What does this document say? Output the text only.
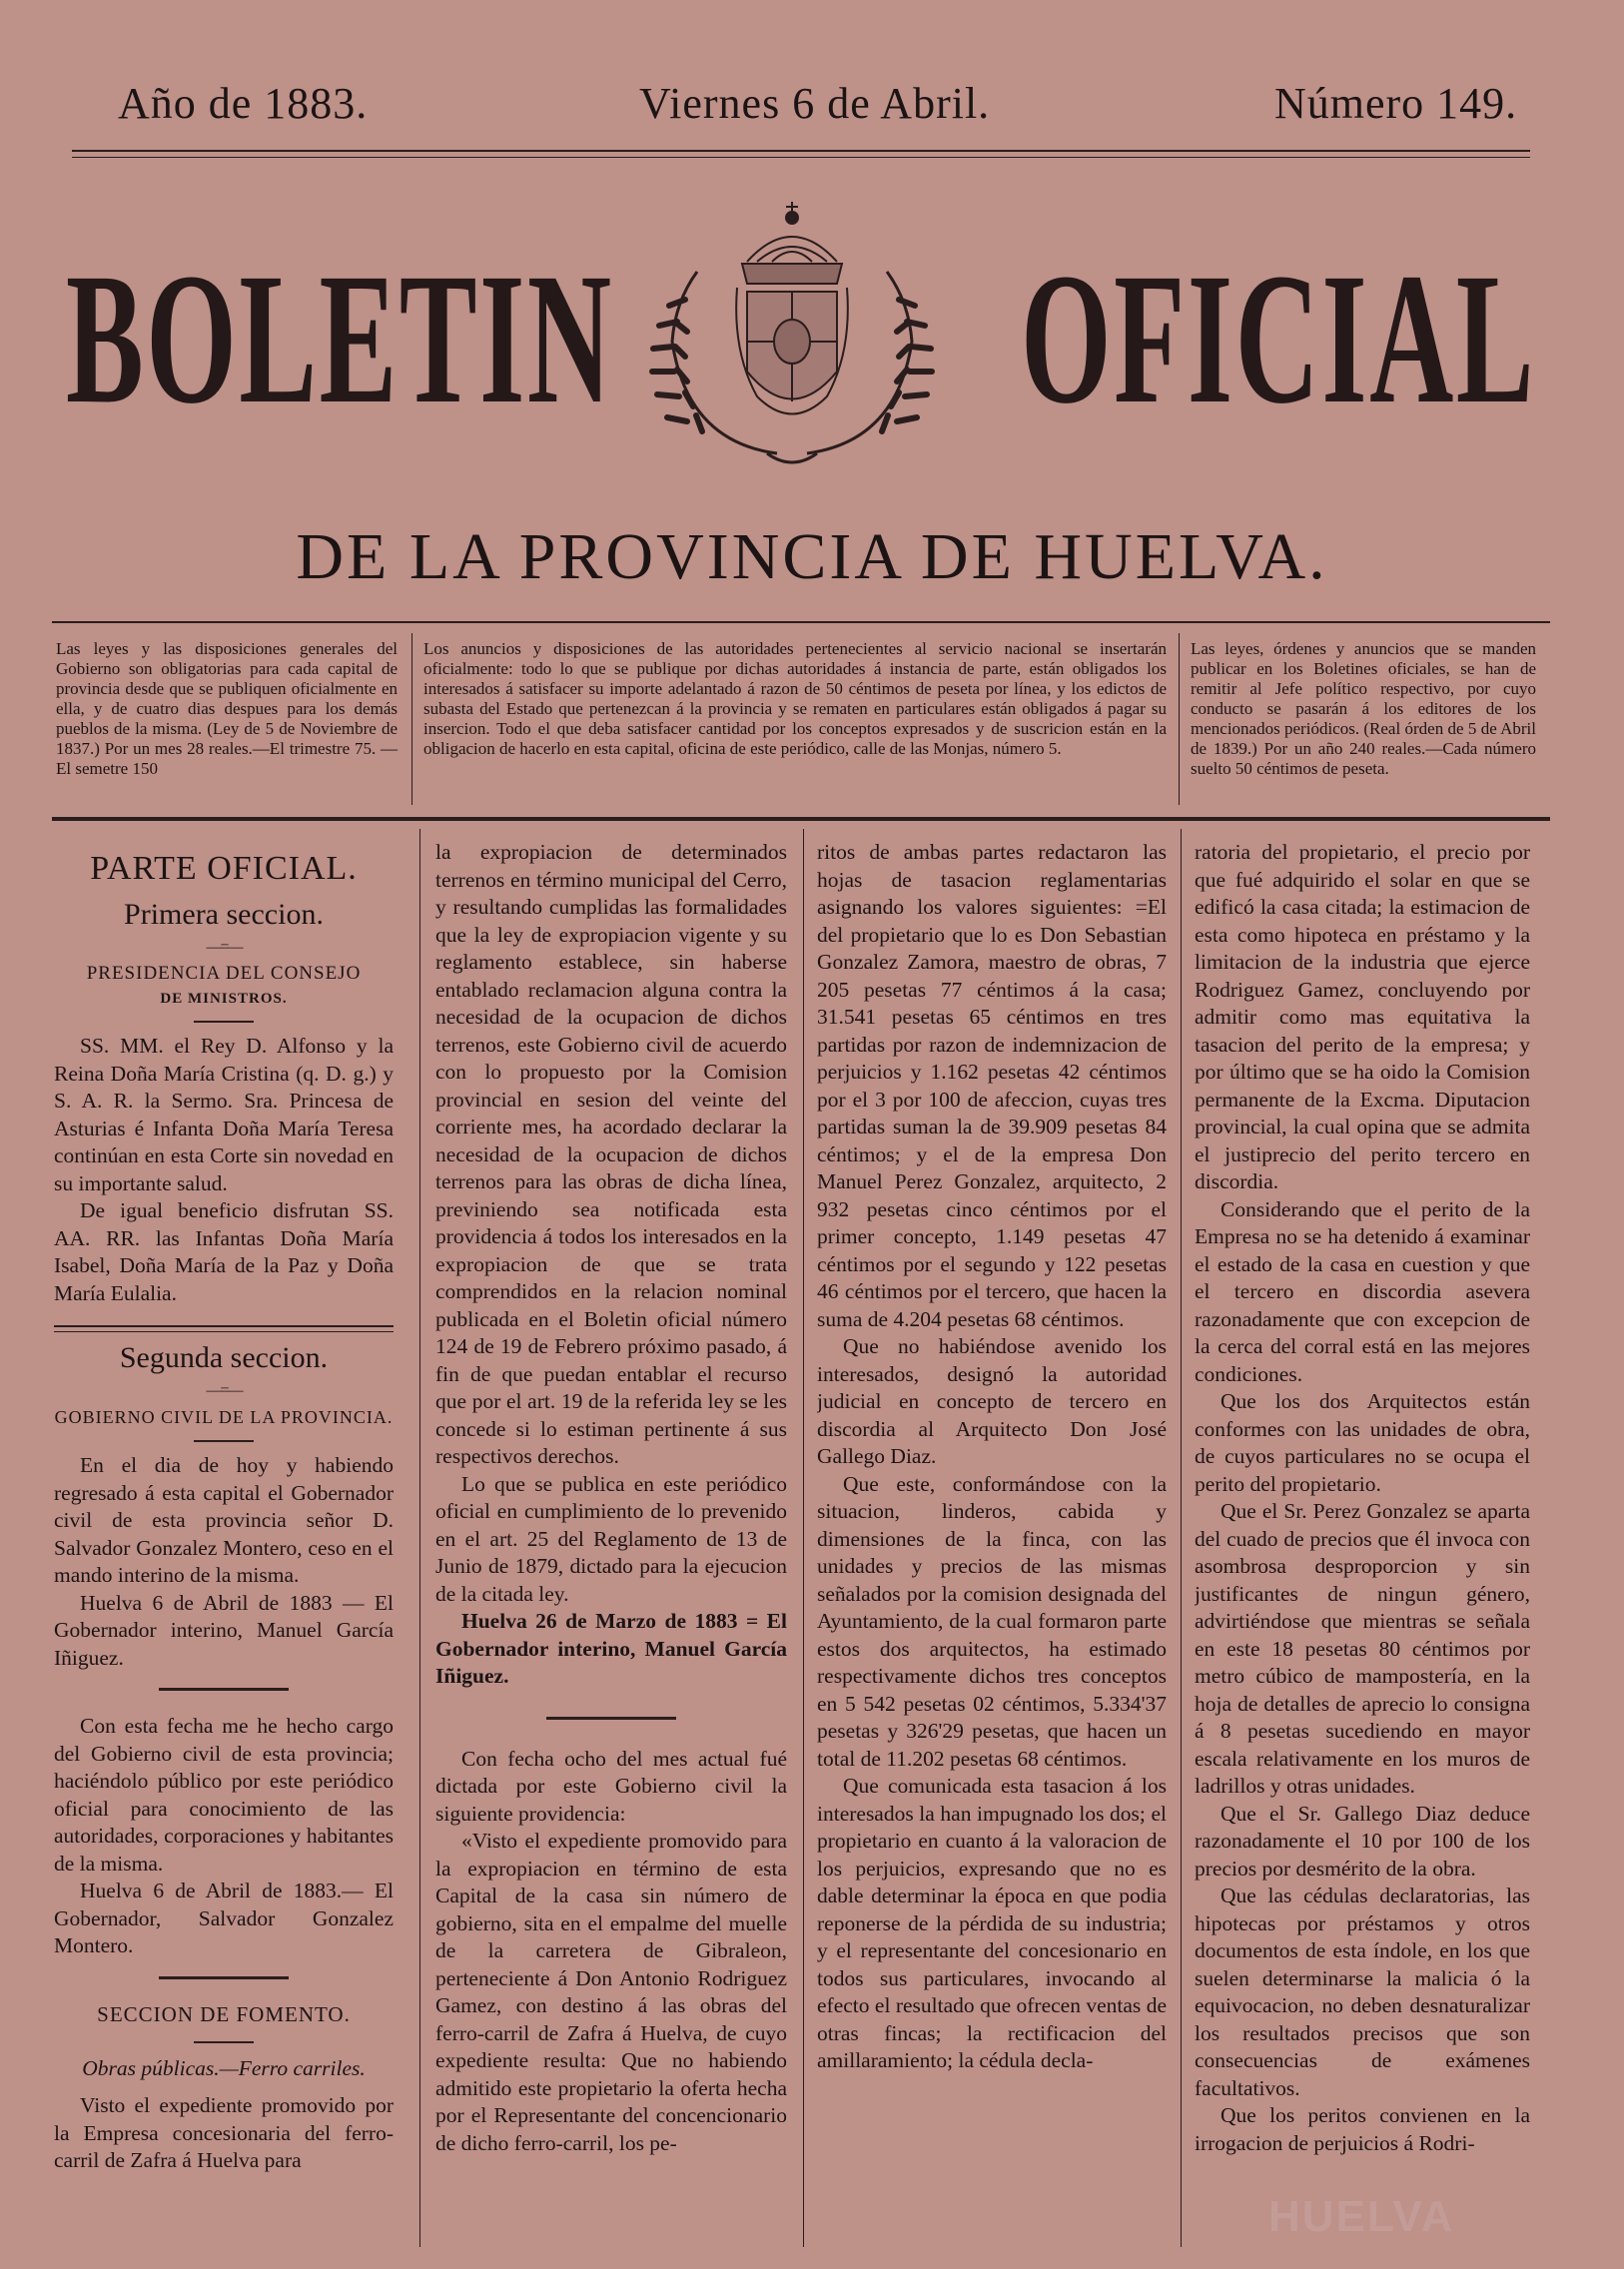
Año de 1883.	Viernes 6 de Abril.	Número 149.
BOLETIN OFICIAL
DE LA PROVINCIA DE HUELVA.
Las leyes y las disposiciones generales del Gobierno son obligatorias para cada capital de provincia desde que se publiquen oficialmente en ella, y de cuatro dias despues para los demás pueblos de la misma. (Ley de 5 de Noviembre de 1837.) Por un mes 28 reales.—El trimestre 75. —El semetre 150
Los anuncios y disposiciones de las autoridades pertenecientes al servicio nacional se insertarán oficialmente: todo lo que se publique por dichas autoridades á instancia de parte, están obligados los interesados á satisfacer su importe adelantado á razon de 50 céntimos de peseta por línea, y los edictos de subasta del Estado que pertenezcan á la provincia y se rematen en particulares están obligados á pagar su insercion. Todo el que deba satisfacer cantidad por los conceptos expresados y de suscricion están en la obligacion de hacerlo en esta capital, oficina de este periódico, calle de las Monjas, número 5.
Las leyes, órdenes y anuncios que se manden publicar en los Boletines oficiales, se han de remitir al Jefe político respectivo, por cuyo conducto se pasarán á los editores de los mencionados periódicos. (Real órden de 5 de Abril de 1839.) Por un año 240 reales.—Cada número suelto 50 céntimos de peseta.
PARTE OFICIAL.
Primera seccion.
—=—
PRESIDENCIA DEL CONSEJO
DE MINISTROS.

SS. MM. el Rey D. Alfonso y la Reina Doña María Cristina (q. D. g.) y S. A. R. la Sermo. Sra. Princesa de Asturias é Infanta Doña María Teresa continúan en esta Corte sin novedad en su importante salud.

De igual beneficio disfrutan SS. AA. RR. las Infantas Doña María Isabel, Doña María de la Paz y Doña María Eulalia.

Segunda seccion.
—=—
GOBIERNO CIVIL DE LA PROVINCIA.

En el dia de hoy y habiendo regresado á esta capital el Gobernador civil de esta provincia señor D. Salvador Gonzalez Montero, ceso en el mando interino de la misma.

Huelva 6 de Abril de 1883 — El Gobernador interino, Manuel García Iñiguez.

Con esta fecha me he hecho cargo del Gobierno civil de esta provincia; haciéndolo público por este periódico oficial para conocimiento de las autoridades, corporaciones y habitantes de la misma.

Huelva 6 de Abril de 1883.— El Gobernador, Salvador Gonzalez Montero.

SECCION DE FOMENTO.

Obras públicas.—Ferro carriles.

Visto el expediente promovido por la Empresa concesionaria del ferro-carril de Zafra á Huelva para

la expropiacion de determinados terrenos en término municipal del Cerro, y resultando cumplidas las formalidades que la ley de expropiacion vigente y su reglamento establece, sin haberse entablado reclamacion alguna contra la necesidad de la ocupacion de dichos terrenos, este Gobierno civil de acuerdo con lo propuesto por la Comision provincial en sesion del veinte del corriente mes, ha acordado declarar la necesidad de la ocupacion de dichos terrenos para las obras de dicha línea, previniendo sea notificada esta providencia á todos los interesados en la expropiacion de que se trata comprendidos en la relacion nominal publicada en el Boletin oficial número 124 de 19 de Febrero próximo pasado, á fin de que puedan entablar el recurso que por el art. 19 de la referida ley se les concede si lo estiman pertinente á sus respectivos derechos.

Lo que se publica en este periódico oficial en cumplimiento de lo prevenido en el art. 25 del Reglamento de 13 de Junio de 1879, dictado para la ejecucion de la citada ley.

Huelva 26 de Marzo de 1883 = El Gobernador interino, Manuel García Iñiguez.

Con fecha ocho del mes actual fué dictada por este Gobierno civil la siguiente providencia:

«Visto el expediente promovido para la expropiacion en término de esta Capital de la casa sin número de gobierno, sita en el empalme del muelle de la carretera de Gibraleon, perteneciente á Don Antonio Rodriguez Gamez, con destino á las obras del ferro-carril de Zafra á Huelva, de cuyo expediente resulta: Que no habiendo admitido este propietario la oferta hecha por el Representante del concencionario de dicho ferro-carril, los pe-

ritos de ambas partes redactaron las hojas de tasacion reglamentarias asignando los valores siguientes: =El del propietario que lo es Don Sebastian Gonzalez Zamora, maestro de obras, 7 205 pesetas 77 céntimos á la casa; 31.541 pesetas 65 céntimos en tres partidas por razon de indemnizacion de perjuicios y 1.162 pesetas 42 céntimos por el 3 por 100 de afeccion, cuyas tres partidas suman la de 39.909 pesetas 84 céntimos; y el de la empresa Don Manuel Perez Gonzalez, arquitecto, 2 932 pesetas cinco céntimos por el primer concepto, 1.149 pesetas 47 céntimos por el segundo y 122 pesetas 46 céntimos por el tercero, que hacen la suma de 4.204 pesetas 68 céntimos.

Que no habiéndose avenido los interesados, designó la autoridad judicial en concepto de tercero en discordia al Arquitecto Don José Gallego Diaz.

Que este, conformándose con la situacion, linderos, cabida y dimensiones de la finca, con las unidades y precios de las mismas señalados por la comision designada del Ayuntamiento, de la cual formaron parte estos dos arquitectos, ha estimado respectivamente dichos tres conceptos en 5 542 pesetas 02 céntimos, 5.334'37 pesetas y 326'29 pesetas, que hacen un total de 11.202 pesetas 68 céntimos.

Que comunicada esta tasacion á los interesados la han impugnado los dos; el propietario en cuanto á la valoracion de los perjuicios, expresando que no es dable determinar la época en que podia reponerse de la pérdida de su industria; y el representante del concesionario en todos sus particulares, invocando al efecto el resultado que ofrecen ventas de otras fincas; la rectificacion del amillaramiento; la cédula decla-

ratoria del propietario, el precio por que fué adquirido el solar en que se edificó la casa citada; la estimacion de esta como hipoteca en préstamo y la limitacion de la industria que ejerce Rodriguez Gamez, concluyendo por admitir como mas equitativa la tasacion del perito de la empresa; y por último que se ha oido la Comision permanente de la Excma. Diputacion provincial, la cual opina que se admita el justiprecio del perito tercero en discordia.

Considerando que el perito de la Empresa no se ha detenido á examinar el estado de la casa en cuestion y que el tercero en discordia asevera razonadamente que con excepcion de la cerca del corral está en las mejores condiciones.

Que los dos Arquitectos están conformes con las unidades de obra, de cuyos particulares no se ocupa el perito del propietario.

Que el Sr. Perez Gonzalez se aparta del cuado de precios que él invoca con asombrosa desproporcion y sin justificantes de ningun género, advirtiéndose que mientras se señala en este 18 pesetas 80 céntimos por metro cúbico de mampostería, en la hoja de detalles de aprecio lo consigna á 8 pesetas sucediendo en mayor escala relativamente en los muros de ladrillos y otras unidades.

Que el Sr. Gallego Diaz deduce razonadamente el 10 por 100 de los precios por desmérito de la obra.

Que las cédulas declaratorias, las hipotecas por préstamos y otros documentos de esta índole, en los que suelen determinarse la malicia ó la equivocacion, no deben desnaturalizar los resultados precisos que son consecuencias de exámenes facultativos.

Que los peritos convienen en la irrogacion de perjuicios á Rodri-

HUELVA
